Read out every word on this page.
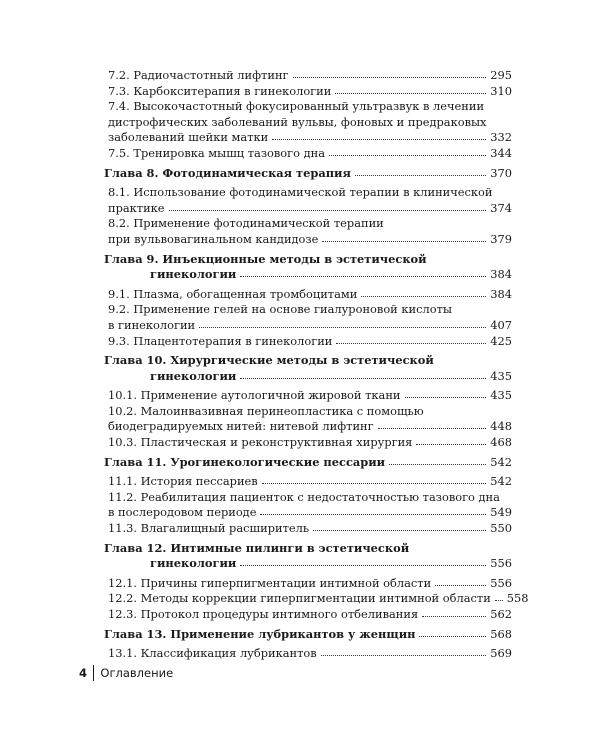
7.2. Радиочастотный лифтинг	295
7.3. Карбокситерапия в гинекологии	310
7.4. Высокочастотный фокусированный ультразвук в лечении
дистрофических заболеваний вульвы, фоновых и предраковых
заболеваний шейки матки	332
7.5. Тренировка мышц тазового дна	344
Глава 8. Фотодинамическая терапия	370
8.1. Использование фотодинамической терапии в клинической
практике	374
8.2. Применение фотодинамической терапии
при вульвовагинальном кандидозе	379
Глава 9. Инъекционные методы в эстетической
гинекологии	384
9.1. Плазма, обогащенная тромбоцитами	384
9.2. Применение гелей на основе гиалуроновой кислоты
в гинекологии	407
9.3. Плацентотерапия в гинекологии	425
Глава 10. Хирургические методы в эстетической
гинекологии	435
10.1. Применение аутологичной жировой ткани	435
10.2. Малоинвазивная перинеопластика с помощью
биодеградируемых нитей: нитевой лифтинг	448
10.3. Пластическая и реконструктивная хирургия	468
Глава 11. Урогинекологические пессарии	542
11.1. История пессариев	542
11.2. Реабилитация пациенток с недостаточностью тазового дна
в послеродовом периоде	549
11.3. Влагалищный расширитель	550
Глава 12. Интимные пилинги в эстетической
гинекологии	556
12.1. Причины гиперпигментации интимной области	556
12.2. Методы коррекции гиперпигментации интимной области 558
12.3. Протокол процедуры интимного отбеливания	562
Глава 13. Применение лубрикантов у женщин	568
13.1. Классификация лубрикантов	569
4	Оглавление
